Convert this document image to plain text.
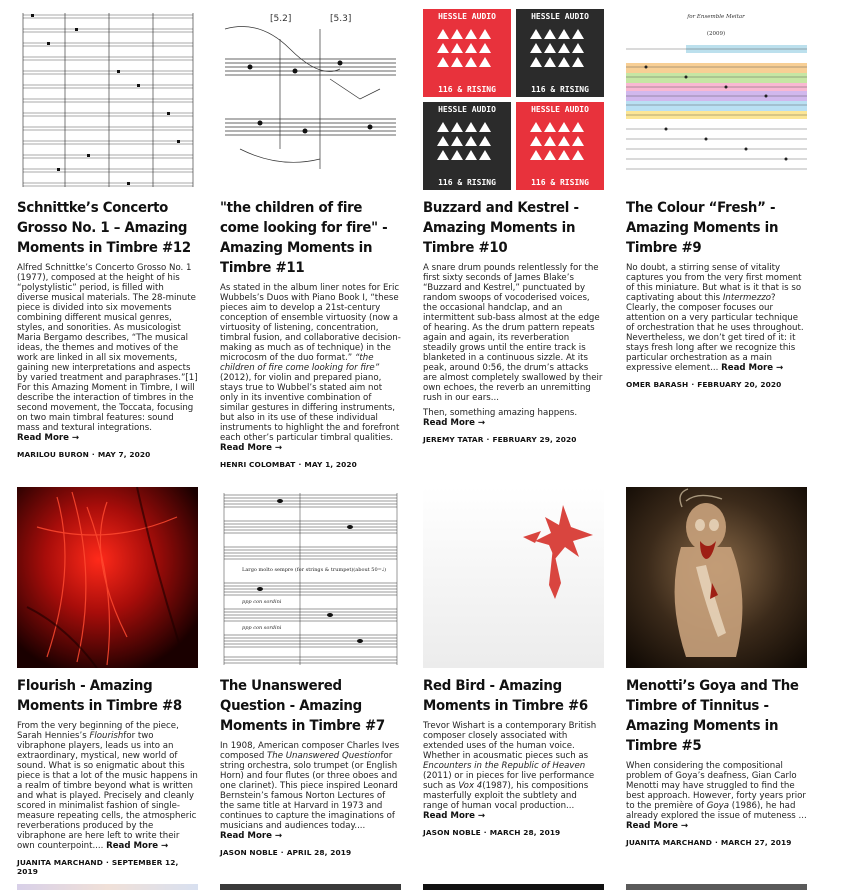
Schnittke’s Concerto Grosso No. 1 – Amazing Moments in Timbre #12
Alfred Schnittke’s Concerto Grosso No. 1 (1977), composed at the height of his “polystylistic” period, is filled with diverse musical materials. The 28-minute piece is divided into six movements combining different musical genres, styles, and sonorities. As musicologist Maria Bergamo describes, “The musical ideas, the themes and motives of the work are linked in all six movements, gaining new interpretations and aspects by varied treatment and paraphrases.”[1] For this Amazing Moment in Timbre, I will describe the interaction of timbres in the second movement, the Toccata, focusing on two main timbral features: sound mass and textural integrations. Read More →
MARILOU BURON · MAY 7, 2020
[5.2]	[5.3]
"the children of fire come looking for fire" - Amazing Moments in Timbre #11
As stated in the album liner notes for Eric Wubbels’s Duos with Piano Book I, “these pieces aim to develop a 21st-century conception of ensemble virtuosity (now a virtuosity of listening, concentration, timbral fusion, and collaborative decision-making as much as of technique) in the microcosm of the duo format.” “the children of fire come looking for fire” (2012), for violin and prepared piano, stays true to Wubbel’s stated aim not only in its inventive combination of similar gestures in differing instruments, but also in its use of these individual instruments to highlight the and forefront each other’s particular timbral qualities. Read More →
HENRI COLOMBAT · MAY 1, 2020
HESSLE AUDIO	HESSLE AUDIO
HESSLE AUDIO	HESSLE AUDIO
116 & RISING	116 & RISING
116 & RISING	116 & RISING
Buzzard and Kestrel - Amazing Moments in Timbre #10
A snare drum pounds relentlessly for the first sixty seconds of James Blake’s “Buzzard and Kestrel,” punctuated by random swoops of vocoderised voices, the occasional handclap, and an intermittent sub-bass almost at the edge of hearing. As the drum pattern repeats again and again, its reverberation steadily grows until the entire track is blanketed in a continuous sizzle. At its peak, around 0:56, the drum’s attacks are almost completely swallowed by their own echoes, the reverb an unremitting rush in our ears...
Then, something amazing happens.
Read More →
JEREMY TATAR · FEBRUARY 29, 2020
for Ensemble Meitar
(2009)
The Colour “Fresh” - Amazing Moments in Timbre #9
No doubt, a stirring sense of vitality captures you from the very first moment of this miniature. But what is it that is so captivating about this Intermezzo? Clearly, the composer focuses our attention on a very particular technique of orchestration that he uses throughout. Nevertheless, we don’t get tired of it: it stays fresh long after we recognize this particular orchestration as a main expressive element... Read More →
OMER BARASH · FEBRUARY 20, 2020
Flourish - Amazing Moments in Timbre #8
From the very beginning of the piece, Sarah Hennies’s Flourishfor two vibraphone players, leads us into an extraordinary, mystical, new world of sound. What is so enigmatic about this piece is that a lot of the music happens in a realm of timbre beyond what is written and what is played. Precisely and cleanly scored in minimalist fashion of single-measure repeating cells, the atmospheric reverberations produced by the vibraphone are here left to write their own counterpoint.... Read More →
JUANITA MARCHAND · SEPTEMBER 12, 2019
Largo molto sempre (for strings & trumpet)(about 50=♩)
ppp con sordini
ppp con sordini
The Unanswered Question - Amazing Moments in Timbre #7
In 1908, American composer Charles Ives composed The Unanswered Questionfor string orchestra, solo trumpet (or English Horn) and four flutes (or three oboes and one clarinet). This piece inspired Leonard Bernstein’s famous Norton Lectures of the same title at Harvard in 1973 and continues to capture the imaginations of musicians and audiences today.... Read More →
JASON NOBLE · APRIL 28, 2019
Red Bird - Amazing Moments in Timbre #6
Trevor Wishart is a contemporary British composer closely associated with extended uses of the human voice. Whether in acousmatic pieces such as Encounters in the Republic of Heaven (2011) or in pieces for live performance such as Vox 4(1987), his compositions masterfully exploit the subtlety and range of human vocal production... Read More →
JASON NOBLE · MARCH 28, 2019
Menotti’s Goya and The Timbre of Tinnitus - Amazing Moments in Timbre #5
When considering the compositional problem of Goya’s deafness, Gian Carlo Menotti may have struggled to find the best approach. However, forty years prior to the première of Goya (1986), he had already explored the issue of muteness ... Read More →
JUANITA MARCHAND · MARCH 27, 2019
